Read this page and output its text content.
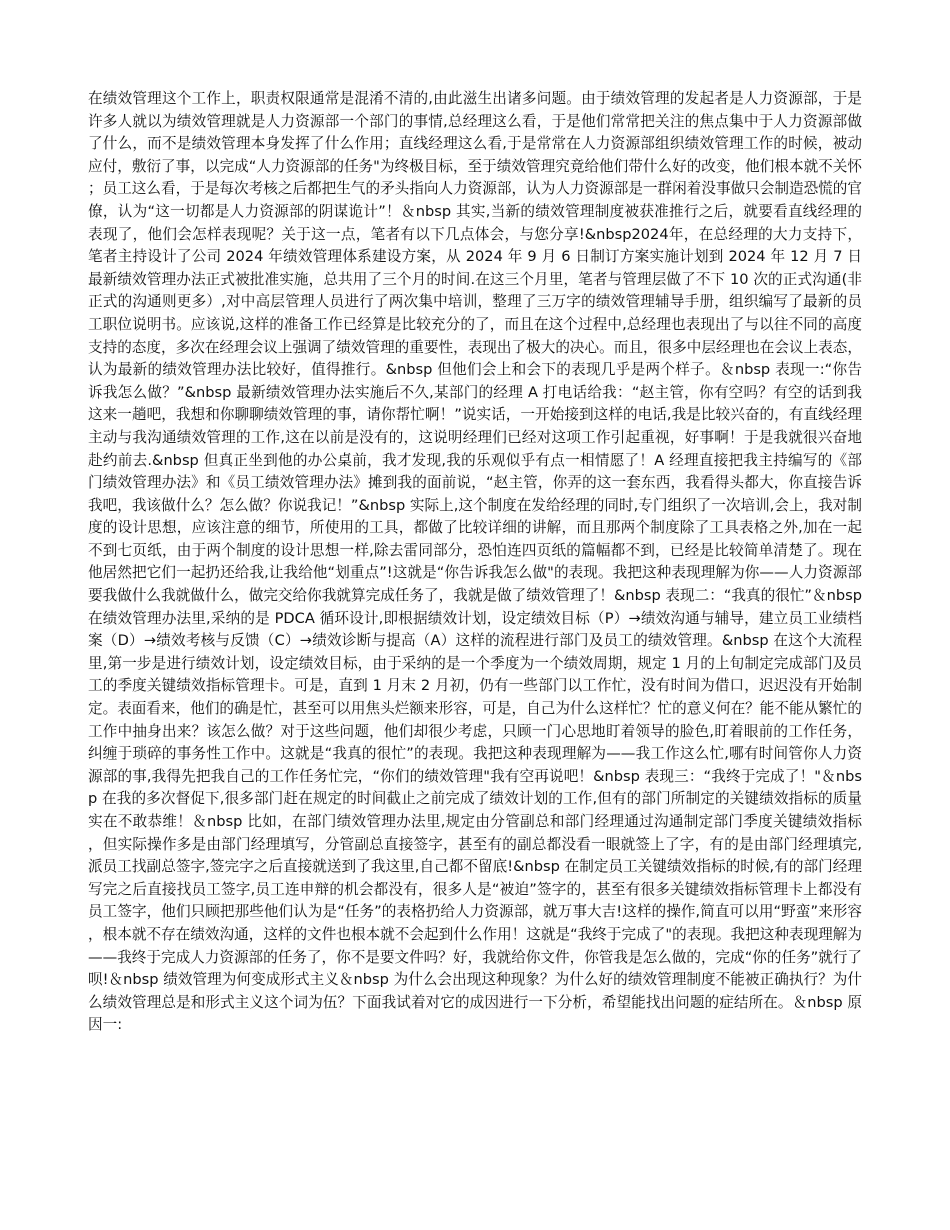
在绩效管理这个工作上，职责权限通常是混淆不清的,由此滋生出诸多问题。由于绩效管理的发起者是人力资源部，于是许多人就以为绩效管理就是人力资源部一个部门的事情,总经理这么看，于是他们常常把关注的焦点集中于人力资源部做了什么，而不是绩效管理本身发挥了什么作用；直线经理这么看,于是常常在人力资源部组织绩效管理工作的时候，被动应付，敷衍了事，以完成“人力资源部的任务"为终极目标，至于绩效管理究竟给他们带什么好的改变，他们根本就不关怀；员工这么看，于是每次考核之后都把生气的矛头指向人力资源部，认为人力资源部是一群闲着没事做只会制造恐慌的官僚，认为“这一切都是人力资源部的阴谋诡计”！＆nbsp 其实,当新的绩效管理制度被获准推行之后，就要看直线经理的表现了，他们会怎样表现呢？关于这一点，笔者有以下几点体会，与您分享!&nbsp2024年，在总经理的大力支持下，笔者主持设计了公司 2024 年绩效管理体系建设方案，从 2024 年 9 月 6 日制订方案实施计划到 2024 年 12 月 7 日最新绩效管理办法正式被批准实施，总共用了三个月的时间.在这三个月里，笔者与管理层做了不下 10 次的正式沟通(非正式的沟通则更多）,对中高层管理人员进行了两次集中培训，整理了三万字的绩效管理辅导手册，组织编写了最新的员工职位说明书。应该说,这样的准备工作已经算是比较充分的了，而且在这个过程中,总经理也表现出了与以往不同的高度支持的态度，多次在经理会议上强调了绩效管理的重要性，表现出了极大的决心。而且，很多中层经理也在会议上表态，认为最新的绩效管理办法比较好，值得推行。&nbsp 但他们会上和会下的表现几乎是两个样子。＆nbsp 表现一:“你告诉我怎么做？”&nbsp 最新绩效管理办法实施后不久,某部门的经理 A 打电话给我：“赵主管，你有空吗？有空的话到我这来一趟吧，我想和你聊聊绩效管理的事，请你帮忙啊！”说实话，一开始接到这样的电话,我是比较兴奋的，有直线经理主动与我沟通绩效管理的工作,这在以前是没有的，这说明经理们已经对这项工作引起重视，好事啊！于是我就很兴奋地赴约前去.&nbsp 但真正坐到他的办公桌前，我才发现,我的乐观似乎有点一相情愿了！A 经理直接把我主持编写的《部门绩效管理办法》和《员工绩效管理办法》摊到我的面前说，“赵主管，你弄的这一套东西，我看得头都大，你直接告诉我吧，我该做什么？怎么做？你说我记！”&nbsp 实际上,这个制度在发给经理的同时,专门组织了一次培训,会上，我对制度的设计思想，应该注意的细节，所使用的工具，都做了比较详细的讲解，而且那两个制度除了工具表格之外,加在一起不到七页纸，由于两个制度的设计思想一样,除去雷同部分，恐怕连四页纸的篇幅都不到，已经是比较简单清楚了。现在他居然把它们一起扔还给我,让我给他“划重点”!这就是“你告诉我怎么做"的表现。我把这种表现理解为你——人力资源部要我做什么我就做什么，做完交给你我就算完成任务了，我就是做了绩效管理了！&nbsp 表现二：“我真的很忙”＆nbsp 在绩效管理办法里,采纳的是 PDCA 循环设计,即根据绩效计划，设定绩效目标（P）→绩效沟通与辅导，建立员工业绩档案（D）→绩效考核与反馈（C）→绩效诊断与提高（A）这样的流程进行部门及员工的绩效管理。&nbsp 在这个大流程里,第一步是进行绩效计划，设定绩效目标，由于采纳的是一个季度为一个绩效周期，规定 1 月的上旬制定完成部门及员工的季度关键绩效指标管理卡。可是，直到 1 月末 2 月初，仍有一些部门以工作忙，没有时间为借口，迟迟没有开始制定。表面看来，他们的确是忙，甚至可以用焦头烂额来形容，可是，自己为什么这样忙？忙的意义何在？能不能从繁忙的工作中抽身出来？该怎么做？对于这些问题，他们却很少考虑，只顾一门心思地盯着领导的脸色,盯着眼前的工作任务，纠缠于琐碎的事务性工作中。这就是“我真的很忙”的表现。我把这种表现理解为——我工作这么忙,哪有时间管你人力资源部的事,我得先把我自己的工作任务忙完，“你们的绩效管理"我有空再说吧！&nbsp 表现三：“我终于完成了！"＆nbsp 在我的多次督促下,很多部门赶在规定的时间截止之前完成了绩效计划的工作,但有的部门所制定的关键绩效指标的质量实在不敢恭维！＆nbsp 比如，在部门绩效管理办法里,规定由分管副总和部门经理通过沟通制定部门季度关键绩效指标，但实际操作多是由部门经理填写，分管副总直接签字，甚至有的副总都没看一眼就签上了字，有的是由部门经理填完,派员工找副总签字,签完字之后直接就送到了我这里,自己都不留底!&nbsp 在制定员工关键绩效指标的时候,有的部门经理写完之后直接找员工签字,员工连申辩的机会都没有，很多人是“被迫”签字的，甚至有很多关键绩效指标管理卡上都没有员工签字，他们只顾把那些他们认为是“任务”的表格扔给人力资源部，就万事大吉!这样的操作,简直可以用“野蛮”来形容，根本就不存在绩效沟通，这样的文件也根本就不会起到什么作用！这就是“我终于完成了"的表现。我把这种表现理解为——我终于完成人力资源部的任务了，你不是要文件吗？好，我就给你文件，你管我是怎么做的，完成“你的任务”就行了呗!＆nbsp 绩效管理为何变成形式主义＆nbsp 为什么会出现这种现象？为什么好的绩效管理制度不能被正确执行？为什么绩效管理总是和形式主义这个词为伍？下面我试着对它的成因进行一下分析，希望能找出问题的症结所在。＆nbsp 原因一:
